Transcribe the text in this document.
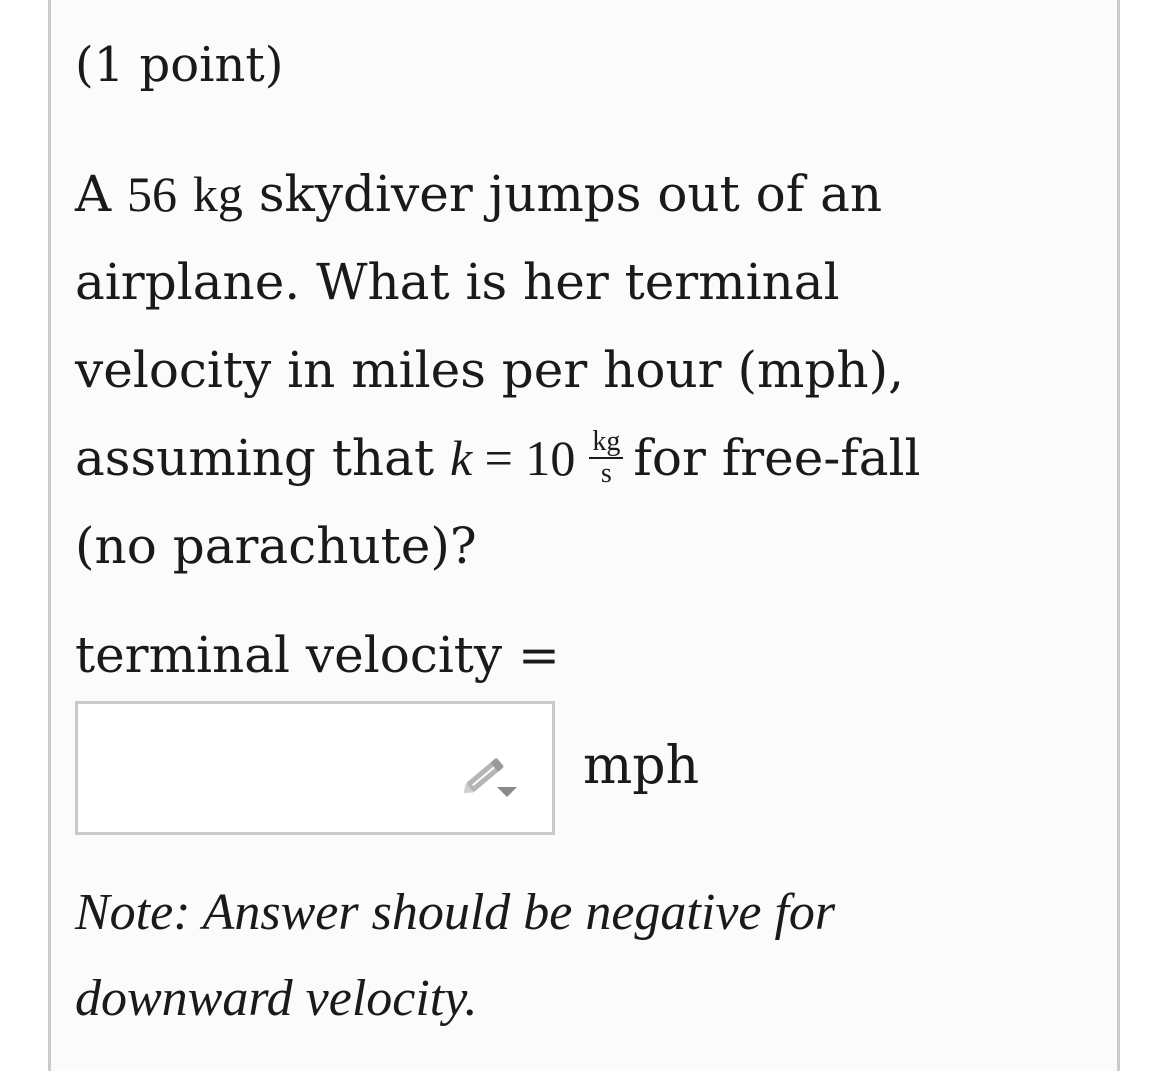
(1 point)
A 56 kg skydiver jumps out of an
airplane. What is her terminal
velocity in miles per hour (mph),
assuming that $k = 10 \frac{kg}{s}$ for free-fall
(no parachute)?
terminal velocity =
mph
Note: Answer should be negative for
downward velocity.
